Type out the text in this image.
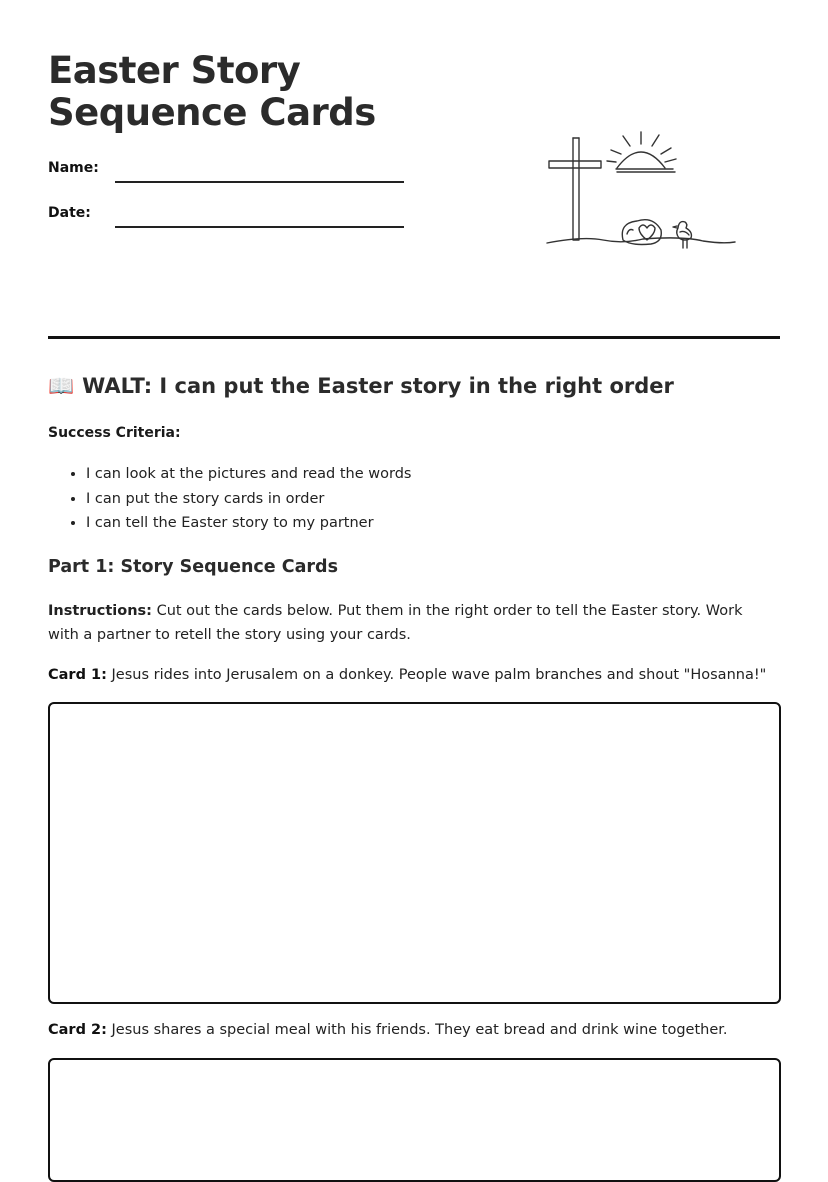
Easter Story Sequence Cards
Name:
Date:
📖 WALT: I can put the Easter story in the right order
Success Criteria:
• I can look at the pictures and read the words
• I can put the story cards in order
• I can tell the Easter story to my partner
Part 1: Story Sequence Cards

Instructions: Cut out the cards below. Put them in the right order to tell the Easter story. Work with a partner to retell the story using your cards.

Card 1: Jesus rides into Jerusalem on a donkey. People wave palm branches and shout "Hosanna!"

Card 2: Jesus shares a special meal with his friends. They eat bread and drink wine together.
